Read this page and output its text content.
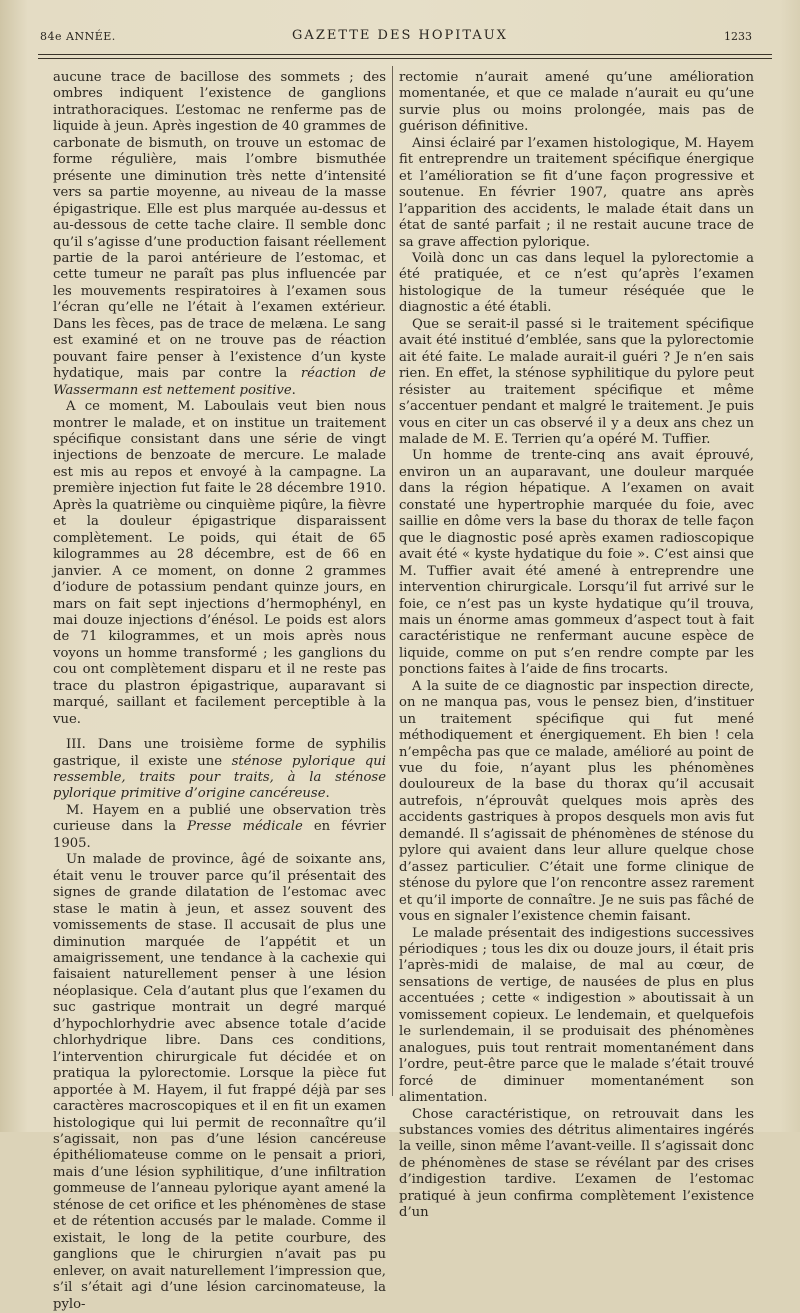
84e ANNÉE.	GAZETTE DES HOPITAUX	1233

aucune trace de bacillose des sommets ; des ombres indiquent l’existence de ganglions intrathoraciques. L’estomac ne renferme pas de liquide à jeun. Après ingestion de 40 grammes de carbonate de bismuth, on trouve un estomac de forme régulière, mais l’ombre bismuthée présente une diminution très nette d’intensité vers sa partie moyenne, au niveau de la masse épigastrique. Elle est plus marquée au-dessus et au-dessous de cette tache claire. Il semble donc qu’il s’agisse d’une production faisant réellement partie de la paroi antérieure de l’estomac, et cette tumeur ne paraît pas plus influencée par les mouvements respiratoires à l’examen sous l’écran qu’elle ne l’était à l’examen extérieur. Dans les fèces, pas de trace de melæna. Le sang est examiné et on ne trouve pas de réaction pouvant faire penser à l’existence d’un kyste hydatique, mais par contre la réaction de Wassermann est nettement positive.

A ce moment, M. Laboulais veut bien nous montrer le malade, et on institue un traitement spécifique consistant dans une série de vingt injections de benzoate de mercure. Le malade est mis au repos et envoyé à la campagne. La première injection fut faite le 28 décembre 1910. Après la quatrième ou cinquième piqûre, la fièvre et la douleur épigastrique disparaissent complètement. Le poids, qui était de 65 kilogrammes au 28 décembre, est de 66 en janvier. A ce moment, on donne 2 grammes d’iodure de potassium pendant quinze jours, en mars on fait sept injections d’hermophényl, en mai douze injections d’énésol. Le poids est alors de 71 kilogrammes, et un mois après nous voyons un homme transformé ; les ganglions du cou ont complètement disparu et il ne reste pas trace du plastron épigastrique, auparavant si marqué, saillant et facilement perceptible à la vue.

III. Dans une troisième forme de syphilis gastrique, il existe une sténose pylorique qui ressemble, traits pour traits, à la sténose pylorique primitive d’origine cancéreuse.

M. Hayem en a publié une observation très curieuse dans la Presse médicale en février 1905.

Un malade de province, âgé de soixante ans, était venu le trouver parce qu’il présentait des signes de grande dilatation de l’estomac avec stase le matin à jeun, et assez souvent des vomissements de stase. Il accusait de plus une diminution marquée de l’appétit et un amaigrissement, une tendance à la cachexie qui faisaient naturellement penser à une lésion néoplasique. Cela d’autant plus que l’examen du suc gastrique montrait un degré marqué d’hypochlorhydrie avec absence totale d’acide chlorhydrique libre. Dans ces conditions, l’intervention chirurgicale fut décidée et on pratiqua la pylorectomie. Lorsque la pièce fut apportée à M. Hayem, il fut frappé déjà par ses caractères macroscopiques et il en fit un examen histologique qui lui permit de reconnaître qu’il s’agissait, non pas d’une lésion cancéreuse épithéliomateuse comme on le pensait a priori, mais d’une lésion syphilitique, d’une infiltration gommeuse de l’anneau pylorique ayant amené la sténose de cet orifice et les phénomènes de stase et de rétention accusés par le malade. Comme il existait, le long de la petite courbure, des ganglions que le chirurgien n’avait pas pu enlever, on avait naturellement l’impression que, s’il s’était agi d’une lésion carcinomateuse, la pylo-

rectomie n’aurait amené qu’une amélioration momentanée, et que ce malade n’aurait eu qu’une survie plus ou moins prolongée, mais pas de guérison définitive.

Ainsi éclairé par l’examen histologique, M. Hayem fit entreprendre un traitement spécifique énergique et l’amélioration se fit d’une façon progressive et soutenue. En février 1907, quatre ans après l’apparition des accidents, le malade était dans un état de santé parfait ; il ne restait aucune trace de sa grave affection pylorique.

Voilà donc un cas dans lequel la pylorectomie a été pratiquée, et ce n’est qu’après l’examen histologique de la tumeur réséquée que le diagnostic a été établi.

Que se serait-il passé si le traitement spécifique avait été institué d’emblée, sans que la pylorectomie ait été faite. Le malade aurait-il guéri ? Je n’en sais rien. En effet, la sténose syphilitique du pylore peut résister au traitement spécifique et même s’accentuer pendant et malgré le traitement. Je puis vous en citer un cas observé il y a deux ans chez un malade de M. E. Terrien qu’a opéré M. Tuffier.

Un homme de trente-cinq ans avait éprouvé, environ un an auparavant, une douleur marquée dans la région hépatique. A l’examen on avait constaté une hypertrophie marquée du foie, avec saillie en dôme vers la base du thorax de telle façon que le diagnostic posé après examen radioscopique avait été « kyste hydatique du foie ». C’est ainsi que M. Tuffier avait été amené à entreprendre une intervention chirurgicale. Lorsqu’il fut arrivé sur le foie, ce n’est pas un kyste hydatique qu’il trouva, mais un énorme amas gommeux d’aspect tout à fait caractéristique ne renfermant aucune espèce de liquide, comme on put s’en rendre compte par les ponctions faites à l’aide de fins trocarts.

A la suite de ce diagnostic par inspection directe, on ne manqua pas, vous le pensez bien, d’instituer un traitement spécifique qui fut mené méthodiquement et énergiquement. Eh bien ! cela n’empêcha pas que ce malade, amélioré au point de vue du foie, n’ayant plus les phénomènes douloureux de la base du thorax qu’il accusait autrefois, n’éprouvât quelques mois après des accidents gastriques à propos desquels mon avis fut demandé. Il s’agissait de phénomènes de sténose du pylore qui avaient dans leur allure quelque chose d’assez particulier. C’était une forme clinique de sténose du pylore que l’on rencontre assez rarement et qu’il importe de connaître. Je ne suis pas fâché de vous en signaler l’existence chemin faisant.

Le malade présentait des indigestions successives périodiques ; tous les dix ou douze jours, il était pris l’après-midi de malaise, de mal au cœur, de sensations de vertige, de nausées de plus en plus accentuées ; cette « indigestion » aboutissait à un vomissement copieux. Le lendemain, et quelquefois le surlendemain, il se produisait des phénomènes analogues, puis tout rentrait momentanément dans l’ordre, peut-être parce que le malade s’était trouvé forcé de diminuer momentanément son alimentation.

Chose caractéristique, on retrouvait dans les substances vomies des détritus alimentaires ingérés la veille, sinon même l’avant-veille. Il s’agissait donc de phénomènes de stase se révélant par des crises d’indigestion tardive. L’examen de l’estomac pratiqué à jeun confirma complètement l’existence d’un
